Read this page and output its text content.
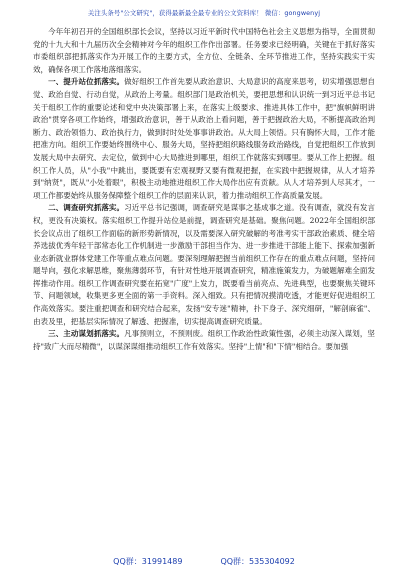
关注头条号"公文研究"，获得最新最全最专业的公文资料库！ 微信：gongwenyj

今年年初召开的全国组织部长会议，坚持以习近平新时代中国特色社会主义思想为指导，全面贯彻党的十九大和十九届历次全会精神对今年的组织工作作出部署。任务要求已经明确，关键在于抓好落实市委组织部把抓落实作为开展工作的主要方式，全方位、全链条、全环节推进工作，坚持实践实干实效，确保各项工作落地落细落实。

一、提升站位抓落实。做好组织工作首先要从政治意识、大局意识的高度来思考，切实增强思想自觉、政治自觉、行动自觉，从政治上考量。组织部门是政治机关，要把思想和认识统一到习近平总书记关于组织工作的重要论述和党中央决策部署上来，在落实上级要求、推进具体工作中，把"旗帜鲜明讲政治"贯穿各项工作始终，增强政治意识，善于从政治上看问题，善于把握政治大局，不断提高政治判断力、政治领悟力、政治执行力，做到时时处处事事讲政治。从大局上领悟。只有胸怀大局，工作才能把准方向。组织工作要始终围绕中心、服务大局，坚持把组织路线服务政治路线，自觉把组织工作放到发展大局中去研究、去定位，做到中心大局推进到哪里，组织工作就落实到哪里。要从工作上把握。组织工作人员，从"小我"中跳出，要既要有宏观视野又要有微观把握，在实践中把握规律，从人才培养到"纳贤"，既从"小处着眼"，积极主动地推进组织工作大局作出应有贡献。从人才培养到人尽其才，一项工作都要始终从服务保障整个组织工作的层面来认识，着力推动组织工作高质量发展。

二、调查研究抓落实。习近平总书记强调，调查研究是谋事之基成事之道。没有调查，就没有发言权，更没有决策权。落实组织工作提升站位是前提，调查研究是基础。聚焦问题。2022年全国组织部长会议点出了组织工作面临的新形势新情况，以及需要深入研究破解的考准考实干部政治素质、健全培养选拔优秀年轻干部常态化工作机制进一步激励干部担当作为、进一步推进干部能上能下、探索加强新业态新就业群体党建工作等重点难点问题。要深刻理解把握当前组织工作存在的重点难点问题，坚持问题导向，强化求解思维，聚焦薄弱环节，有针对性地开展调查研究，精准施策发力，为破题解难全面发挥推动作用。组织工作调查研究要在拓宽"广度"上发力，既要看当前亮点、先进典型，也要聚焦关键环节、问题领域，收集更多更全面的第一手资料。深入细致。只有把情况摸清吃透，才能更好促进组织工作高效落实。要注重把调查和研究结合起来，发扬"安专迷"精神，扑下身子、深究细研，"解剖麻雀"、由表及里，把基层实际情况了解透、把握准，切实提高调查研究质量。

三、主动谋划抓落实。凡事预则立，不预则废。组织工作政治性政策性强，必须主动深入谋划，坚持"致广大而尽精微"，以谋深谋细推动组织工作有效落实。坚持"上情"和"下情"相结合。要加强

QQ群：31991489	QQ群：535304092
